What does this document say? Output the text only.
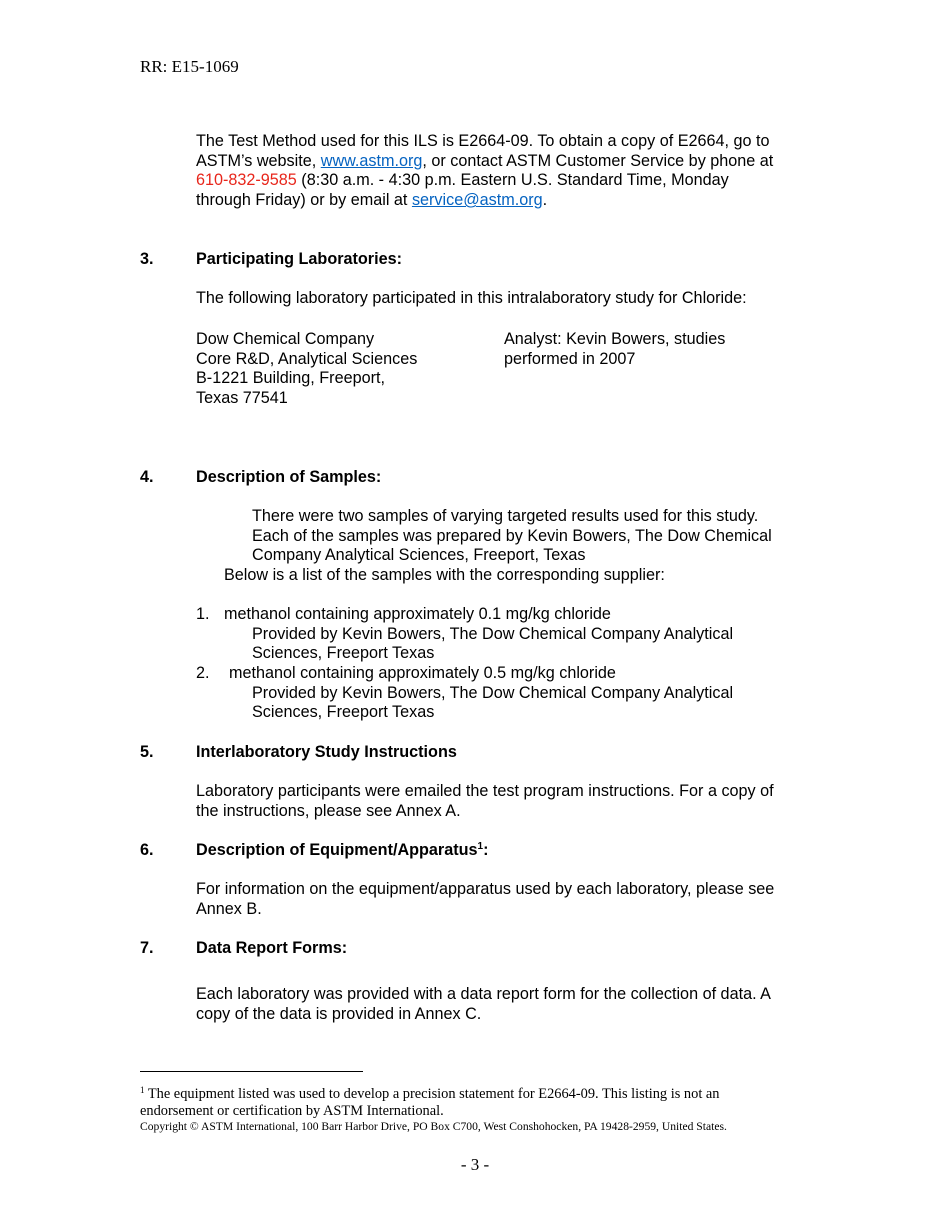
RR: E15-1069
The Test Method used for this ILS is E2664-09. To obtain a copy of E2664, go to
ASTM’s website, www.astm.org, or contact ASTM Customer Service by phone at
610-832-9585 (8:30 a.m. - 4:30 p.m. Eastern U.S. Standard Time, Monday
through Friday) or by email at service@astm.org.
3.	Participating Laboratories:
The following laboratory participated in this intralaboratory study for Chloride:
Dow Chemical Company
Core R&D, Analytical Sciences
B-1221 Building, Freeport,
Texas 77541
Analyst: Kevin Bowers, studies
performed in 2007
4.	Description of Samples:
There were two samples of varying targeted results used for this study.
Each of the samples was prepared by Kevin Bowers, The Dow Chemical
Company Analytical Sciences, Freeport, Texas
Below is a list of the samples with the corresponding supplier:
1. methanol containing approximately 0.1 mg/kg chloride
Provided by Kevin Bowers, The Dow Chemical Company Analytical
Sciences, Freeport Texas
2. methanol containing approximately 0.5 mg/kg chloride
Provided by Kevin Bowers, The Dow Chemical Company Analytical
Sciences, Freeport Texas
5.	Interlaboratory Study Instructions
Laboratory participants were emailed the test program instructions. For a copy of
the instructions, please see Annex A.
6.	Description of Equipment/Apparatus$^1$:
For information on the equipment/apparatus used by each laboratory, please see
Annex B.
7.	Data Report Forms:
Each laboratory was provided with a data report form for the collection of data. A
copy of the data is provided in Annex C.
$^1$ The equipment listed was used to develop a precision statement for E2664-09. This listing is not an
endorsement or certification by ASTM International.
Copyright © ASTM International, 100 Barr Harbor Drive, PO Box C700, West Conshohocken, PA 19428-2959, United States.
- 3 -
